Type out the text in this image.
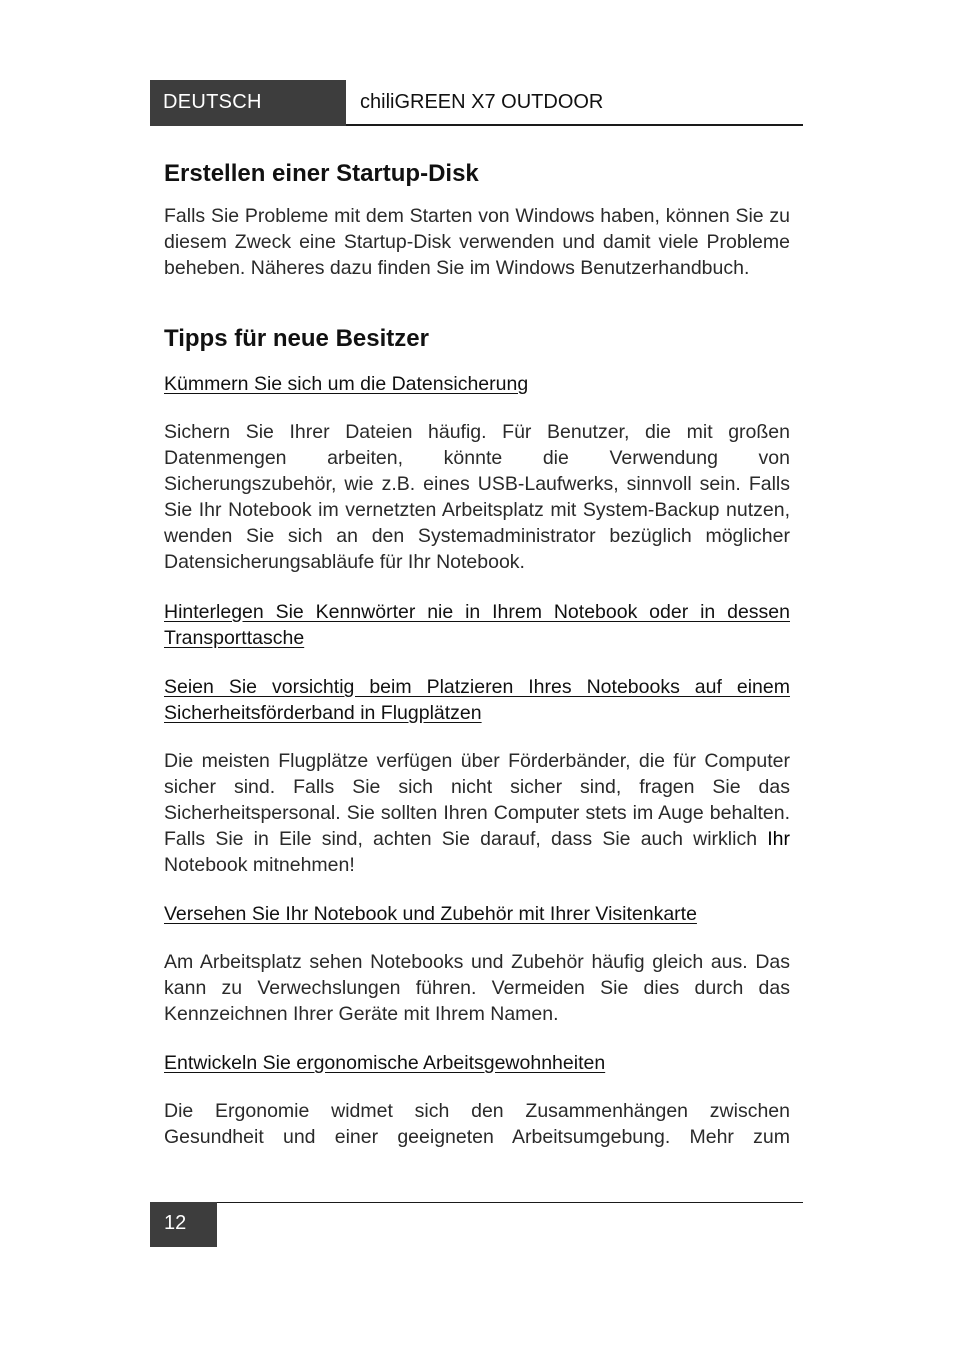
DEUTSCH	chiliGREEN X7 OUTDOOR
Erstellen einer Startup-Disk

Falls Sie Probleme mit dem Starten von Windows haben, können Sie zu diesem Zweck eine Startup-Disk verwenden und damit viele Probleme beheben. Näheres dazu finden Sie im Windows Benutzerhandbuch.

Tipps für neue Besitzer
Kümmern Sie sich um die Datensicherung

Sichern Sie Ihrer Dateien häufig. Für Benutzer, die mit großen Datenmengen arbeiten, könnte die Verwendung von Sicherungszubehör, wie z.B. eines USB-Laufwerks, sinnvoll sein. Falls Sie Ihr Notebook im vernetzten Arbeitsplatz mit System-Backup nutzen, wenden Sie sich an den Systemadministrator bezüglich möglicher Datensicherungsabläufe für Ihr Notebook.

Hinterlegen Sie Kennwörter nie in Ihrem Notebook oder in dessen Transporttasche
Seien Sie vorsichtig beim Platzieren Ihres Notebooks auf einem Sicherheitsförderband in Flugplätzen

Die meisten Flugplätze verfügen über Förderbänder, die für Computer sicher sind. Falls Sie sich nicht sicher sind, fragen Sie das Sicherheitspersonal. Sie sollten Ihren Computer stets im Auge behalten. Falls Sie in Eile sind, achten Sie darauf, dass Sie auch wirklich Ihr Notebook mitnehmen!

Versehen Sie Ihr Notebook und Zubehör mit Ihrer Visitenkarte

Am Arbeitsplatz sehen Notebooks und Zubehör häufig gleich aus. Das kann zu Verwechslungen führen. Vermeiden Sie dies durch das Kennzeichnen Ihrer Geräte mit Ihrem Namen.

Entwickeln Sie ergonomische Arbeitsgewohnheiten

Die Ergonomie widmet sich den Zusammenhängen zwischen Gesundheit und einer geeigneten Arbeitsumgebung. Mehr zum

12
